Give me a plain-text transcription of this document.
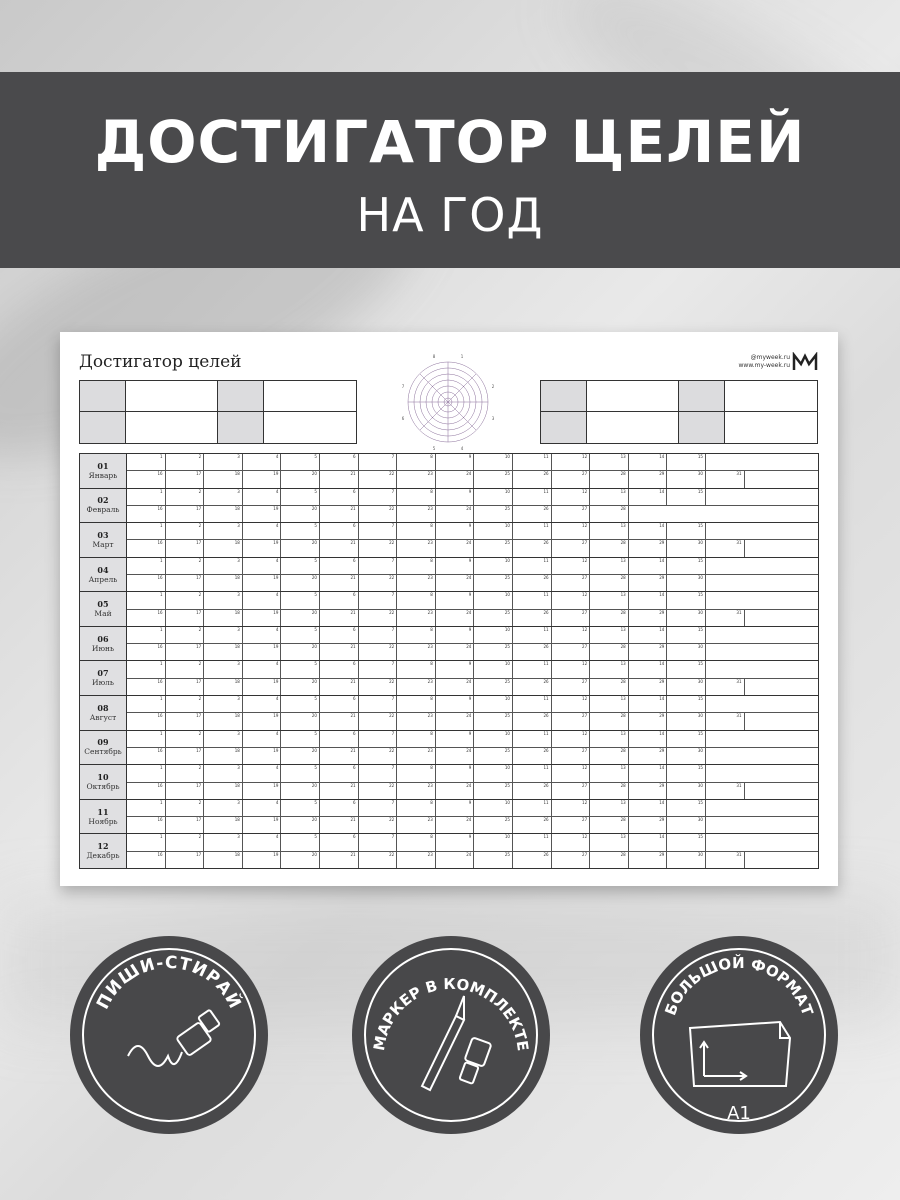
ДОСТИГАТОР ЦЕЛЕЙ
НА ГОД
Достигатор целей	@myweek.ru
www.my-week.ru
8	1
2
3
4
5
6
7
01
Январь
1	2	3	4	5	6	7	8	9	10	11	12	13	14	15
16	17	18	19	20	21	22	23	24	25	26	27	28	29	30	31
02
Февраль
1	2	3	4	5	6	7	8	9	10	11	12	13	14	15
16	17	18	19	20	21	22	23	24	25	26	27	28
03
Март
1	2	3	4	5	6	7	8	9	10	11	12	13	14	15
16	17	18	19	20	21	22	23	24	25	26	27	28	29	30	31
04
Апрель
1	2	3	4	5	6	7	8	9	10	11	12	13	14	15
16	17	18	19	20	21	22	23	24	25	26	27	28	29	30
05
Май
1	2	3	4	5	6	7	8	9	10	11	12	13	14	15
16	17	18	19	20	21	22	23	24	25	26	27	28	29	30	31
06
Июнь
1	2	3	4	5	6	7	8	9	10	11	12	13	14	15
16	17	18	19	20	21	22	23	24	25	26	27	28	29	30
07
Июль
1	2	3	4	5	6	7	8	9	10	11	12	13	14	15
16	17	18	19	20	21	22	23	24	25	26	27	28	29	30	31
08
Август
1	2	3	4	5	6	7	8	9	10	11	12	13	14	15
16	17	18	19	20	21	22	23	24	25	26	27	28	29	30	31
09
Сентябрь
1	2	3	4	5	6	7	8	9	10	11	12	13	14	15
16	17	18	19	20	21	22	23	24	25	26	27	28	29	30
10
Октябрь
1	2	3	4	5	6	7	8	9	10	11	12	13	14	15
16	17	18	19	20	21	22	23	24	25	26	27	28	29	30	31
11
Ноябрь
1	2	3	4	5	6	7	8	9	10	11	12	13	14	15
16	17	18	19	20	21	22	23	24	25	26	27	28	29	30
12
Декабрь
1	2	3	4	5	6	7	8	9	10	11	12	13	14	15
16	17	18	19	20	21	22	23	24	25	26	27	28	29	30	31
ПИШИ-СТИРАЙ
МАРКЕР В КОМПЛЕКТЕ
БОЛЬШОЙ ФОРМАТ
A1
